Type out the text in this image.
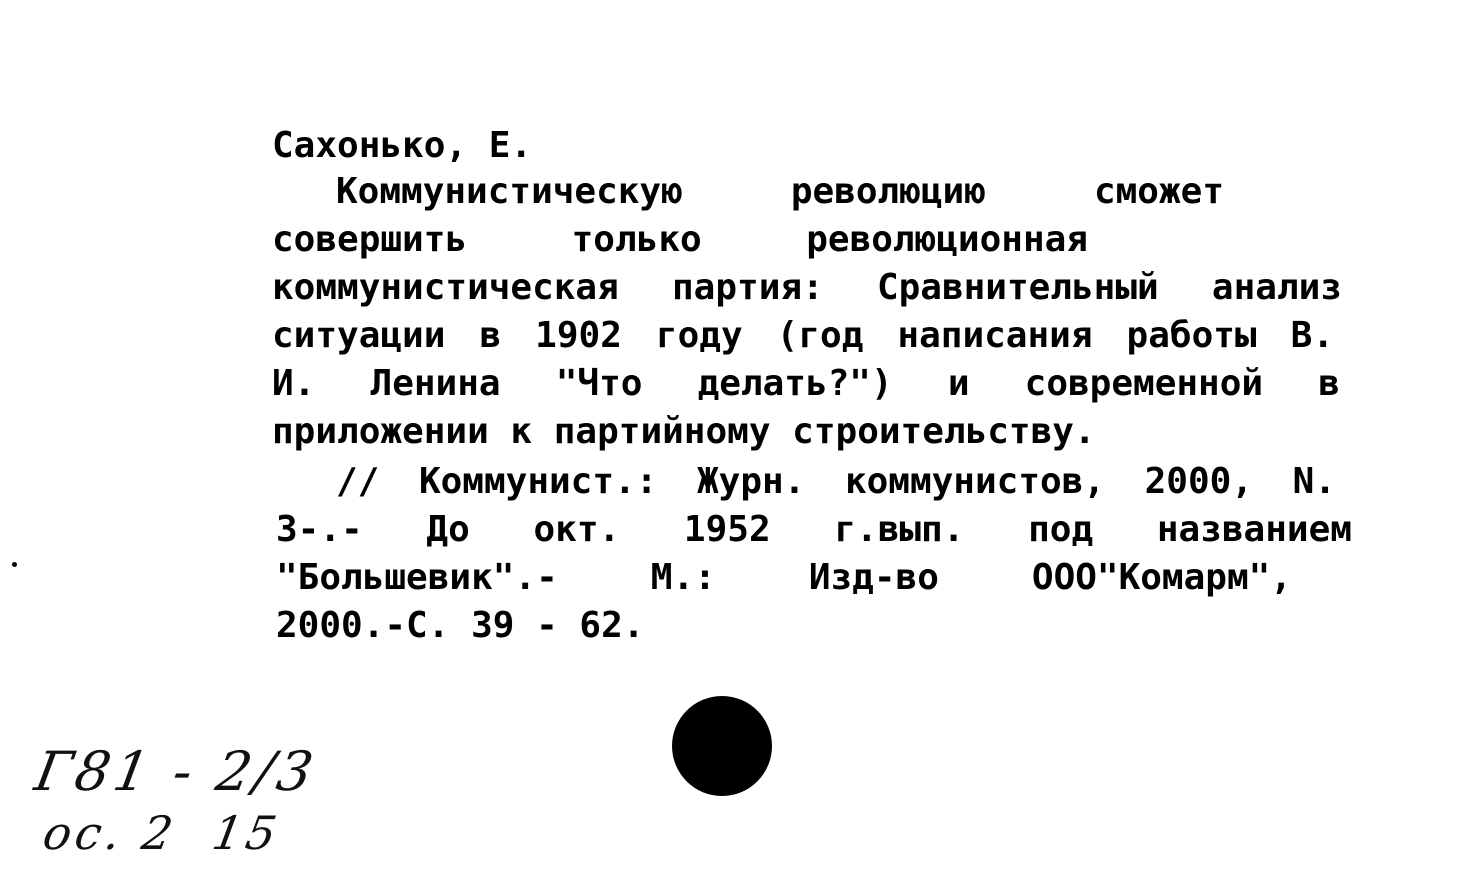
Сахонько, Е.
Коммунистическую	революцию	сможет
совершить	только	революционная
коммунистическая партия: Сравнительный анализ
ситуации в 1902 году (год написания работы В.
И. Ленина "Что делать?") и современной в
приложении к партийному строительству.
// Коммунист.: Журн. коммунистов, 2000, N.
3-.- До окт. 1952 г.вып. под названием
"Большевик".-	М.:	Изд-во	ООО"Комарм",
2000.-С. 39 - 62.
Г81 - 2/3
ос. 2  15
